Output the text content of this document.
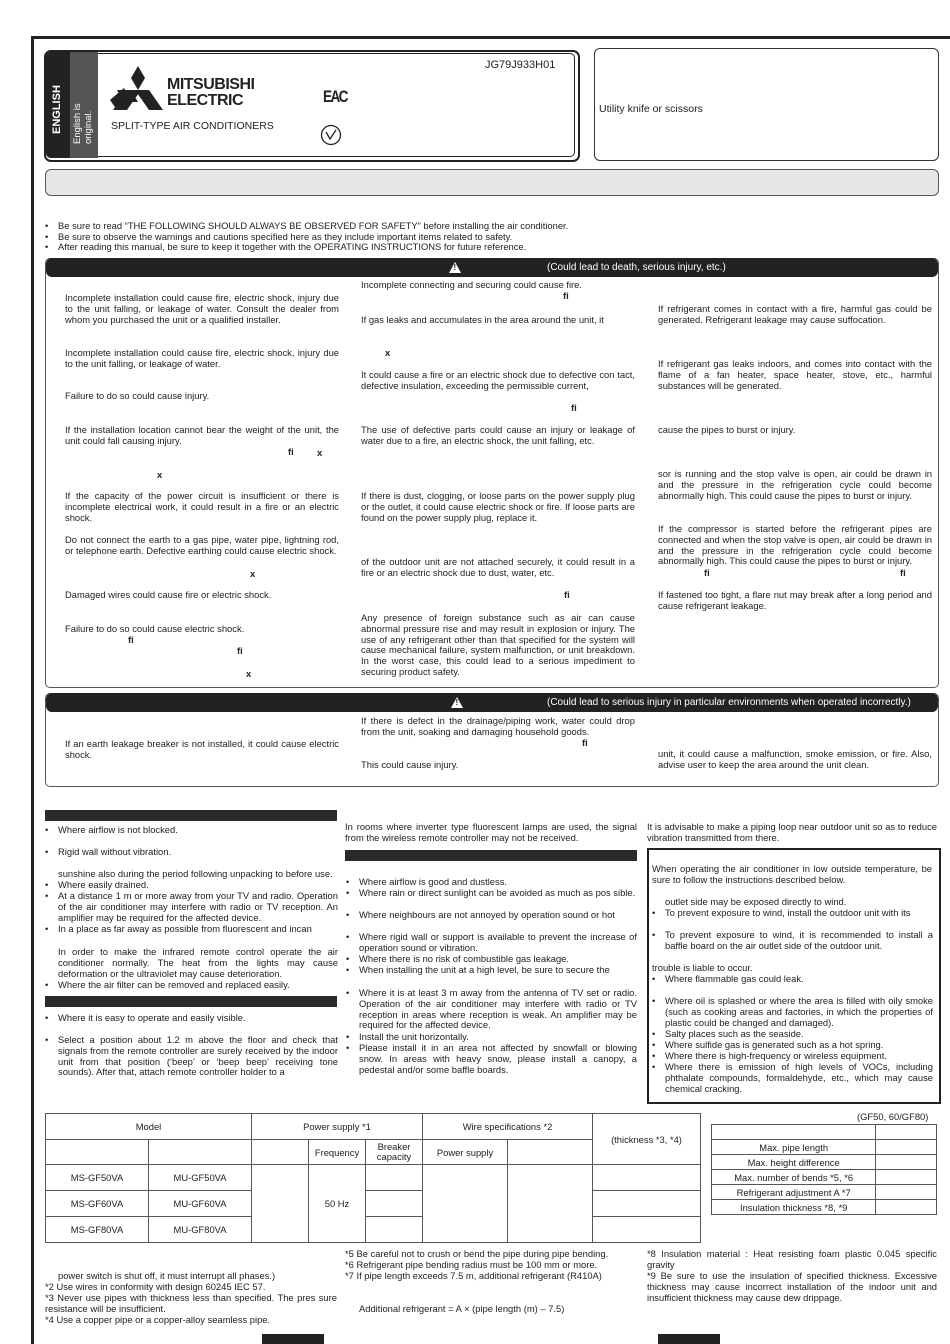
ENGLISH English is original.
JG79J933H01
MITSUBISHI
ELECTRIC
SPLIT-TYPE AIR CONDITIONERS
EAC
Utility knife or scissors
• Be sure to read “THE FOLLOWING SHOULD ALWAYS BE OBSERVED FOR SAFETY” before installing the air conditioner.
• Be sure to observe the warnings and cautions specified here as they include important items related to safety.
• After reading this manual, be sure to keep it together with the OPERATING INSTRUCTIONS for future reference.
!
(Could lead to death, serious injury, etc.)
Incomplete installation could cause fire, electric shock, injury due to the unit falling, or leakage of water. Consult the dealer from whom you purchased the unit or a qualified installer.
Incomplete installation could cause fire, electric shock, injury due to the unit falling, or leakage of water.
Failure to do so could cause injury.
If the installation location cannot bear the weight of the unit, the unit could fall causing injury.
fi x
x
If the capacity of the power circuit is insufficient or there is incomplete electrical work, it could result in a fire or an electric shock.
Do not connect the earth to a gas pipe, water pipe, lightning rod, or telephone earth. Defective earthing could cause electric shock.
x
Damaged wires could cause fire or electric shock.
Failure to do so could cause electric shock.
fi
fi
x
Incomplete connecting and securing could cause fire.
fi
If gas leaks and accumulates in the area around the unit, it
x
It could cause a fire or an electric shock due to defective con tact, defective insulation, exceeding the permissible current,
fi
The use of defective parts could cause an injury or leakage of water due to a fire, an electric shock, the unit falling, etc.
If there is dust, clogging, or loose parts on the power supply plug or the outlet, it could cause electric shock or fire. If loose parts are found on the power supply plug, replace it.
of the outdoor unit are not attached securely, it could result in a fire or an electric shock due to dust, water, etc.
fi
Any presence of foreign substance such as air can cause abnormal pressure rise and may result in explosion or injury. The use of any refrigerant other than that specified for the system will cause mechanical failure, system malfunction, or unit breakdown. In the worst case, this could lead to a serious impediment to securing product safety.
If refrigerant comes in contact with a fire, harmful gas could be generated. Refrigerant leakage may cause suffocation.
If refrigerant gas leaks indoors, and comes into contact with the flame of a fan heater, space heater, stove, etc., harmful substances will be generated.
cause the pipes to burst or injury.
sor is running and the stop valve is open, air could be drawn in and the pressure in the refrigeration cycle could become abnormally high. This could cause the pipes to burst or injury.
If the compressor is started before the refrigerant pipes are connected and when the stop valve is open, air could be drawn in and the pressure in the refrigeration cycle could become abnormally high. This could cause the pipes to burst or injury.
fi	fi
If fastened too tight, a flare nut may break after a long period and cause refrigerant leakage.
!
(Could lead to serious injury in particular environments when operated incorrectly.)
If an earth leakage breaker is not installed, it could cause electric shock.
If there is defect in the drainage/piping work, water could drop from the unit, soaking and damaging household goods.
fi
This could cause injury.
unit, it could cause a malfunction, smoke emission, or fire. Also, advise user to keep the area around the unit clean.
• Where airflow is not blocked.
• Rigid wall without vibration.
sunshine also during the period following unpacking to before use.
• Where easily drained.
• At a distance 1 m or more away from your TV and radio. Operation of the air conditioner may interfere with radio or TV reception. An amplifier may be required for the affected device.
• In a place as far away as possible from fluorescent and incan
In order to make the infrared remote control operate the air conditioner normally. The heat from the lights may cause deformation or the ultraviolet may cause deterioration.
• Where the air filter can be removed and replaced easily.
• Where it is easy to operate and easily visible.
• Select a position about 1.2 m above the floor and check that signals from the remote controller are surely received by the indoor unit from that position (‘beep’ or ‘beep beep’ receiving tone sounds). After that, attach remote controller holder to a
In rooms where inverter type fluorescent lamps are used, the signal from the wireless remote controller may not be received.
• Where airflow is good and dustless.
• Where rain or direct sunlight can be avoided as much as pos sible.
• Where neighbours are not annoyed by operation sound or hot
• Where rigid wall or support is available to prevent the increase of operation sound or vibration.
• Where there is no risk of combustible gas leakage.
• When installing the unit at a high level, be sure to secure the
• Where it is at least 3 m away from the antenna of TV set or radio. Operation of the air conditioner may interfere with radio or TV reception in areas where reception is weak. An amplifier may be required for the affected device.
• Install the unit horizontally.
• Please install it in an area not affected by snowfall or blowing snow. In areas with heavy snow, please install a canopy, a pedestal and/or some baffle boards.
It is advisable to make a piping loop near outdoor unit so as to reduce vibration transmitted from there.
When operating the air conditioner in low outside temperature, be sure to follow the instructions described below.
outlet side may be exposed directly to wind.
• To prevent exposure to wind, install the outdoor unit with its
• To prevent exposure to wind, it is recommended to install a baffle board on the air outlet side of the outdoor unit.
trouble is liable to occur.
• Where flammable gas could leak.
• Where oil is splashed or where the area is filled with oily smoke (such as cooking areas and factories, in which the properties of plastic could be changed and damaged).
• Salty places such as the seaside.
• Where sulfide gas is generated such as a hot spring.
• Where there is high-frequency or wireless equipment.
• Where there is emission of high levels of VOCs, including phthalate compounds, formaldehyde, etc., which may cause chemical cracking.
Model		Power supply *1			Wire specifications *2		(thickness *3, *4)
			Frequency	Breaker capacity	Power supply		
MS-GF50VA	MU-GF50VA		50 Hz				
MS-GF60VA	MU-GF60VA						
MS-GF80VA	MU-GF80VA						
(GF50, 60/GF80)

Max. pipe length	
Max. height difference	
Max. number of bends *5, *6	
Refrigerant adjustment A *7	
Insulation thickness *8, *9	
power switch is shut off, it must interrupt all phases.)
*2 Use wires in conformity with design 60245 IEC 57.
*3 Never use pipes with thickness less than specified. The pres sure resistance will be insufficient.
*4 Use a copper pipe or a copper-alloy seamless pipe.
*5 Be careful not to crush or bend the pipe during pipe bending.
*6 Refrigerant pipe bending radius must be 100 mm or more.
*7 If pipe length exceeds 7.5 m, additional refrigerant (R410A)
Additional refrigerant = A × (pipe length (m) – 7.5)
*8 Insulation material : Heat resisting foam plastic 0.045 specific gravity
*9 Be sure to use the insulation of specified thickness. Excessive thickness may cause incorrect installation of the indoor unit and insufficient thickness may cause dew drippage.
